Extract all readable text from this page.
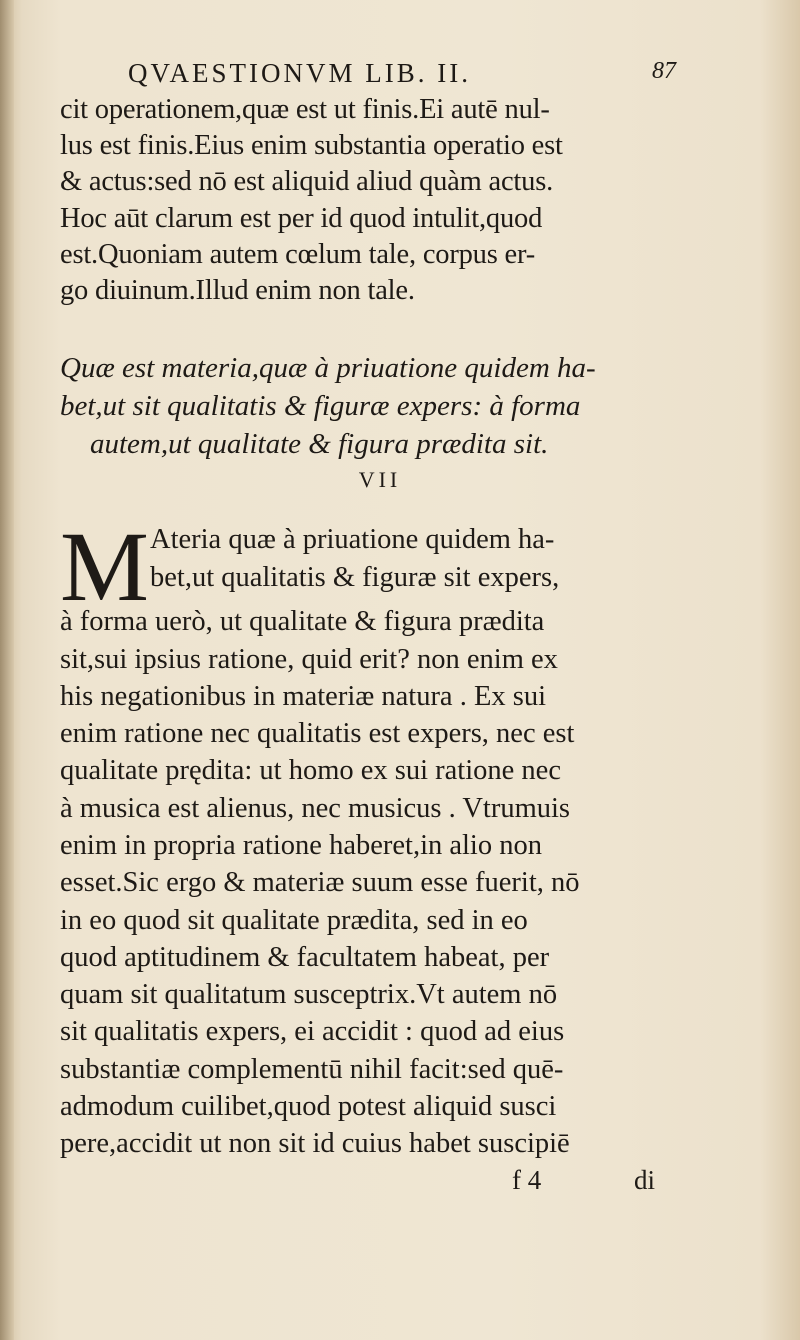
QVAESTIONVM LIB. II.	87
cit operationem,quæ est ut finis.Ei autē nul-
lus est finis.Eius enim substantia operatio est
& actus:sed nō est aliquid aliud quàm actus.
Hoc aūt clarum est per id quod intulit,quod
est.Quoniam autem cœlum tale, corpus er-
go diuinum.Illud enim non tale.
Quæ est materia,quæ à priuatione quidem ha-
bet,ut sit qualitatis & figuræ expers: à forma
autem,ut qualitate & figura prædita sit.
VII
M Ateria quæ à priuatione quidem ha-
bet,ut qualitatis & figuræ sit expers,
à forma uerò, ut qualitate & figura prædita
sit,sui ipsius ratione, quid erit? non enim ex
his negationibus in materiæ natura . Ex sui
enim ratione nec qualitatis est expers, nec est
qualitate prędita: ut homo ex sui ratione nec
à musica est alienus, nec musicus . Vtrumuis
enim in propria ratione haberet,in alio non
esset.Sic ergo & materiæ suum esse fuerit, nō
in eo quod sit qualitate prædita, sed in eo
quod aptitudinem & facultatem habeat, per
quam sit qualitatum susceptrix.Vt autem nō
sit qualitatis expers, ei accidit : quod ad eius
substantiæ complementū nihil facit:sed quē-
admodum cuilibet,quod potest aliquid susci
pere,accidit ut non sit id cuius habet suscipiē
f 4	di
